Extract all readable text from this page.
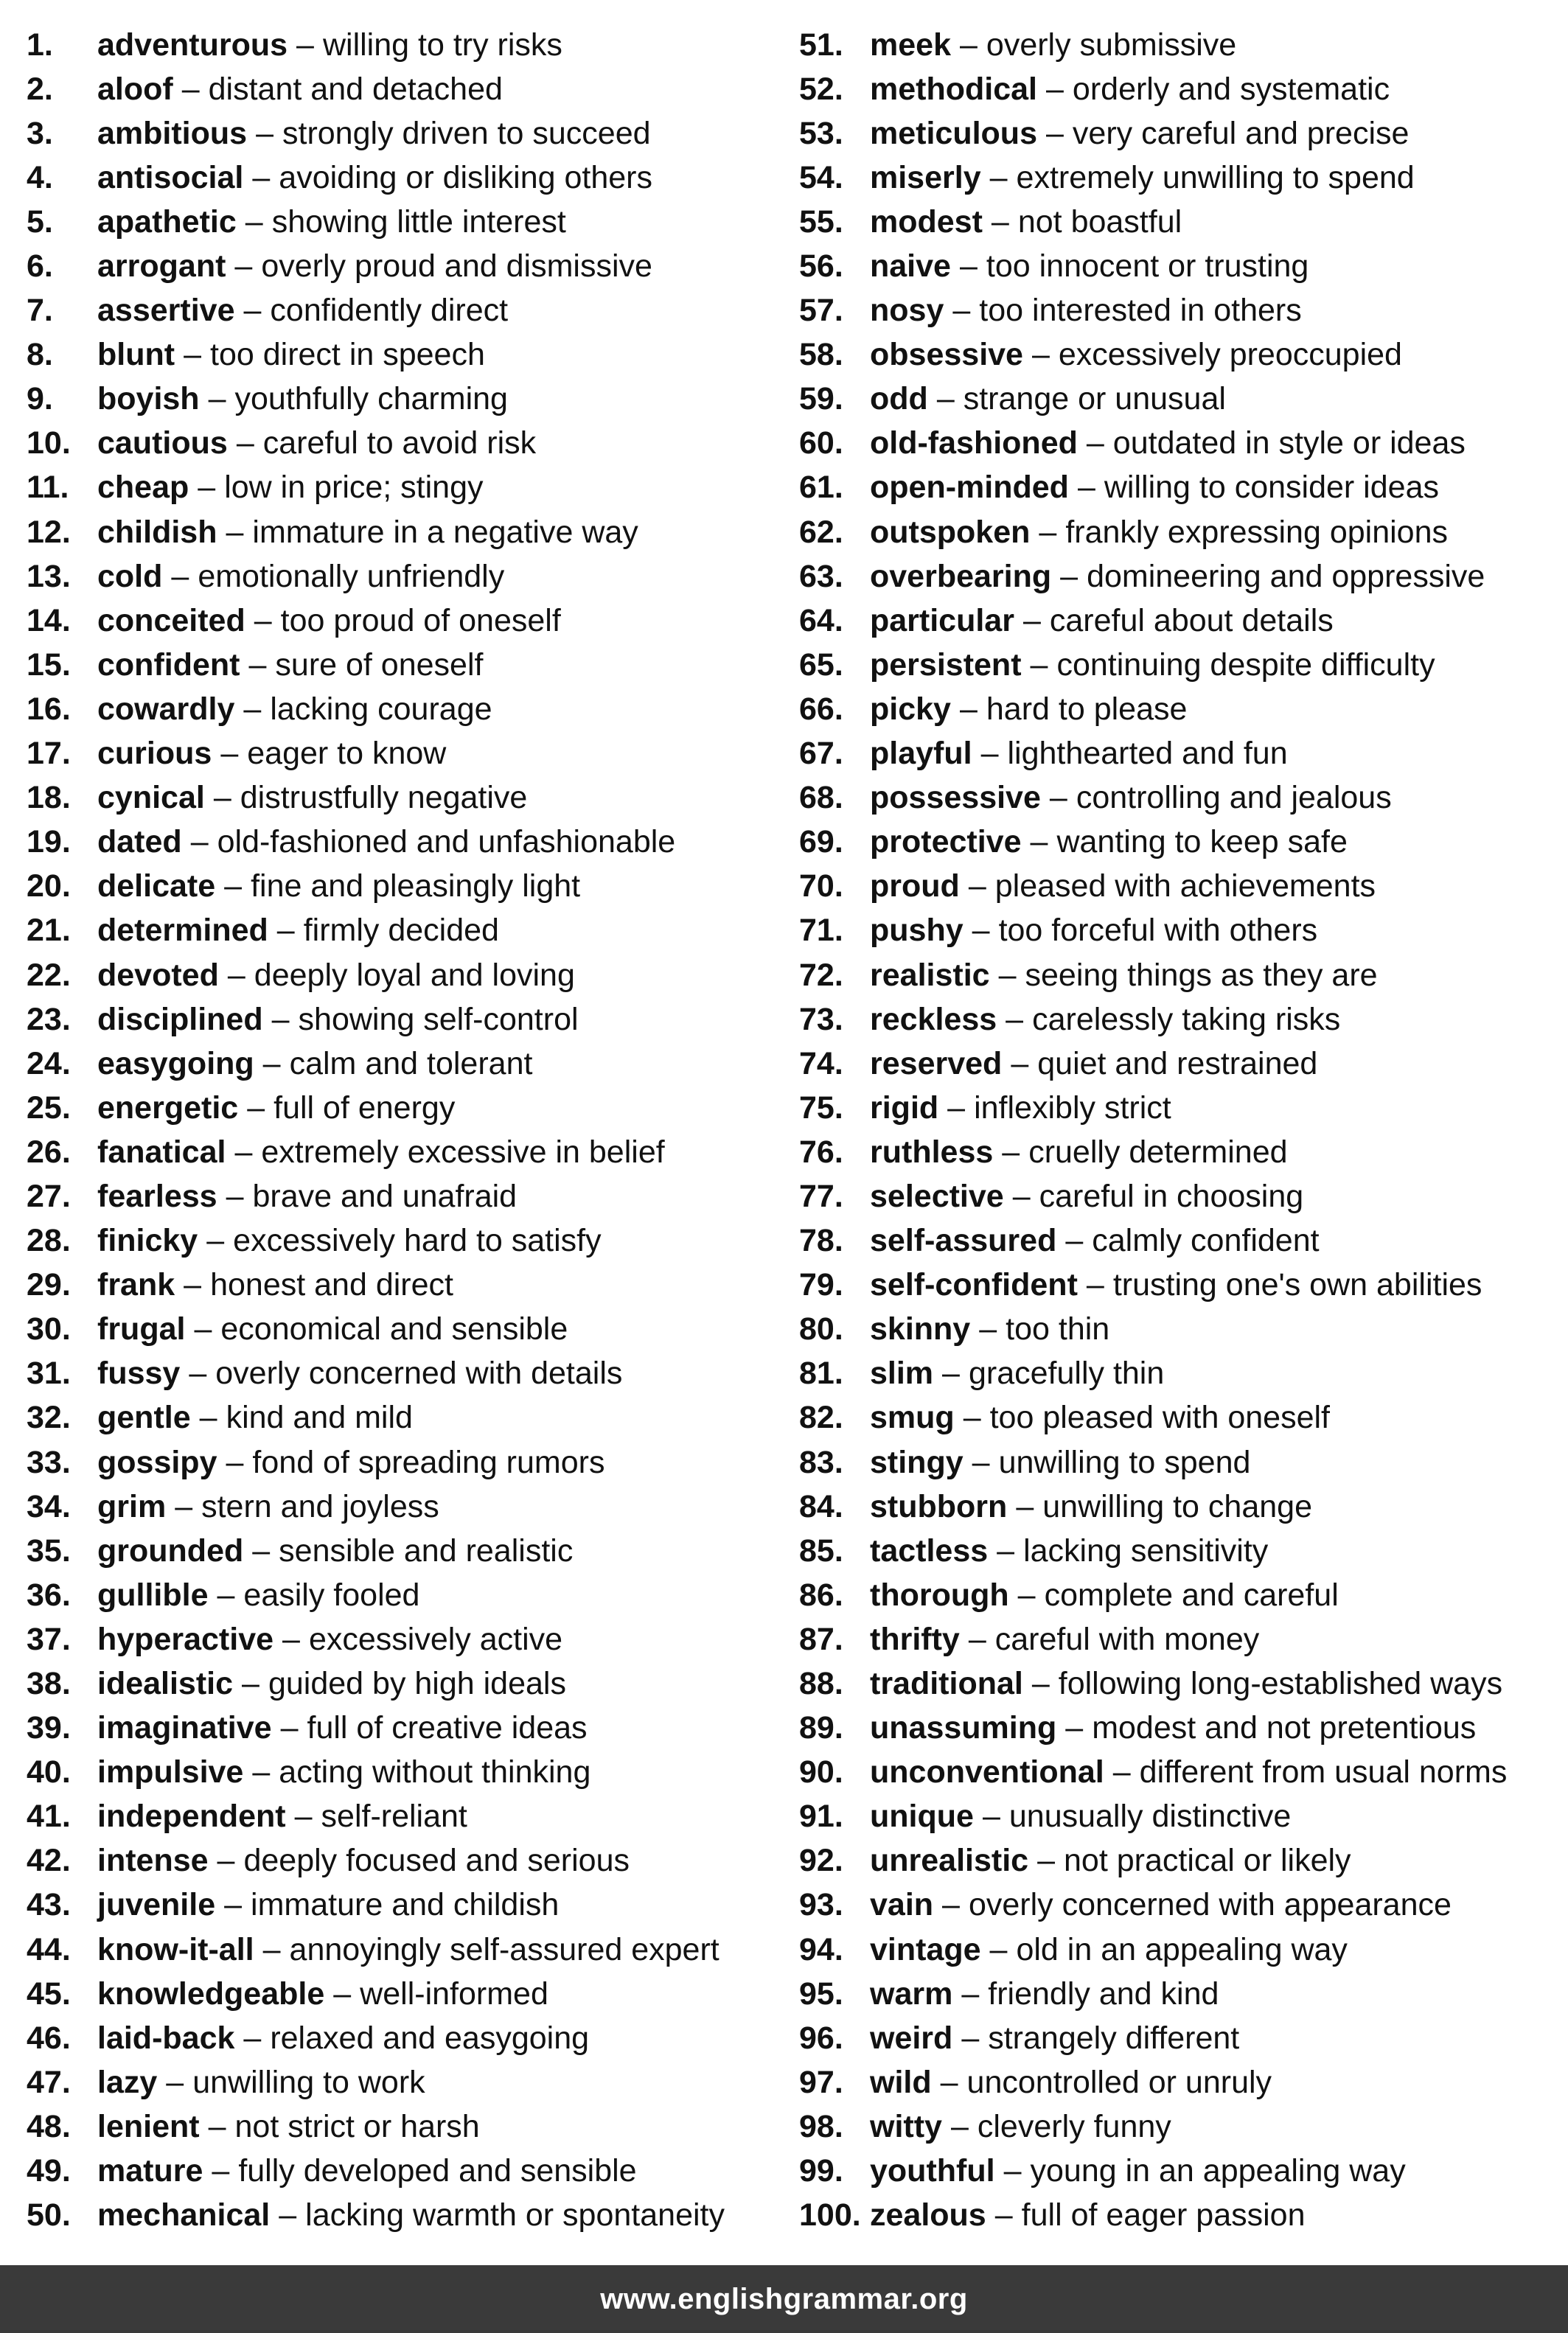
1.	adventurous – willing to try risks
2.	aloof – distant and detached
3.	ambitious – strongly driven to succeed
4.	antisocial – avoiding or disliking others
5.	apathetic – showing little interest
6.	arrogant – overly proud and dismissive
7.	assertive – confidently direct
8.	blunt – too direct in speech
9.	boyish – youthfully charming
10. cautious – careful to avoid risk
11. cheap – low in price; stingy
12. childish – immature in a negative way
13. cold – emotionally unfriendly
14. conceited – too proud of oneself
15. confident – sure of oneself
16. cowardly – lacking courage
17. curious – eager to know
18. cynical – distrustfully negative
19. dated – old-fashioned and unfashionable
20. delicate – fine and pleasingly light
21. determined – firmly decided
22. devoted – deeply loyal and loving
23. disciplined – showing self-control
24. easygoing – calm and tolerant
25. energetic – full of energy
26. fanatical – extremely excessive in belief
27. fearless – brave and unafraid
28. finicky – excessively hard to satisfy
29. frank – honest and direct
30. frugal – economical and sensible
31. fussy – overly concerned with details
32. gentle – kind and mild
33. gossipy – fond of spreading rumors
34. grim – stern and joyless
35. grounded – sensible and realistic
36. gullible – easily fooled
37. hyperactive – excessively active
38. idealistic – guided by high ideals
39. imaginative – full of creative ideas
40. impulsive – acting without thinking
41. independent – self-reliant
42. intense – deeply focused and serious
43. juvenile – immature and childish
44. know-it-all – annoyingly self-assured expert
45. knowledgeable – well-informed
46. laid-back – relaxed and easygoing
47. lazy – unwilling to work
48. lenient – not strict or harsh
49. mature – fully developed and sensible
50. mechanical – lacking warmth or spontaneity
51. meek – overly submissive
52. methodical – orderly and systematic
53. meticulous – very careful and precise
54. miserly – extremely unwilling to spend
55. modest – not boastful
56. naive – too innocent or trusting
57. nosy – too interested in others
58. obsessive – excessively preoccupied
59. odd – strange or unusual
60. old-fashioned – outdated in style or ideas
61. open-minded – willing to consider ideas
62. outspoken – frankly expressing opinions
63. overbearing – domineering and oppressive
64. particular – careful about details
65. persistent – continuing despite difficulty
66. picky – hard to please
67. playful – lighthearted and fun
68. possessive – controlling and jealous
69. protective – wanting to keep safe
70. proud – pleased with achievements
71. pushy – too forceful with others
72. realistic – seeing things as they are
73. reckless – carelessly taking risks
74. reserved – quiet and restrained
75. rigid – inflexibly strict
76. ruthless – cruelly determined
77. selective – careful in choosing
78. self-assured – calmly confident
79. self-confident – trusting one's own abilities
80. skinny – too thin
81. slim – gracefully thin
82. smug – too pleased with oneself
83. stingy – unwilling to spend
84. stubborn – unwilling to change
85. tactless – lacking sensitivity
86. thorough – complete and careful
87. thrifty – careful with money
88. traditional – following long-established ways
89. unassuming – modest and not pretentious
90. unconventional – different from usual norms
91. unique – unusually distinctive
92. unrealistic – not practical or likely
93. vain – overly concerned with appearance
94. vintage – old in an appealing way
95. warm – friendly and kind
96. weird – strangely different
97. wild – uncontrolled or unruly
98. witty – cleverly funny
99. youthful – young in an appealing way
100. zealous – full of eager passion
www.englishgrammar.org
